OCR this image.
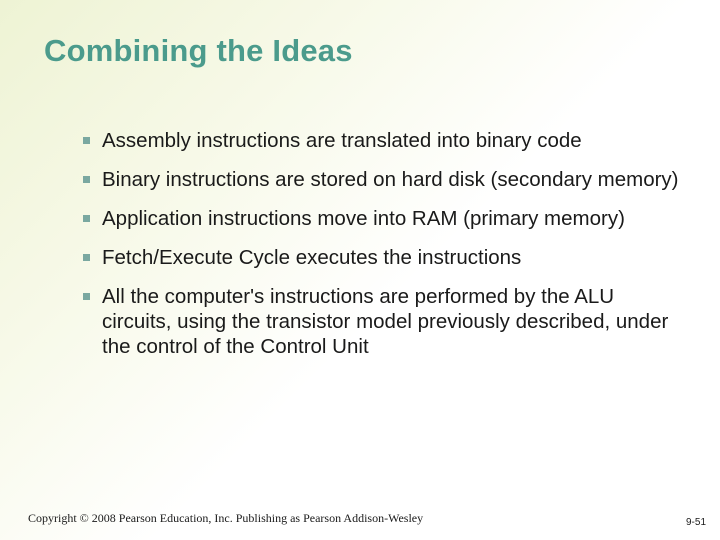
Combining the Ideas
Assembly instructions are translated into binary code
Binary instructions are stored on hard disk (secondary memory)
Application instructions move into RAM (primary memory)
Fetch/Execute Cycle executes the instructions
All the computer's instructions are performed by the ALU circuits, using the transistor model previously described, under the control of the Control Unit
Copyright © 2008 Pearson Education, Inc. Publishing as Pearson Addison-Wesley	9-51
